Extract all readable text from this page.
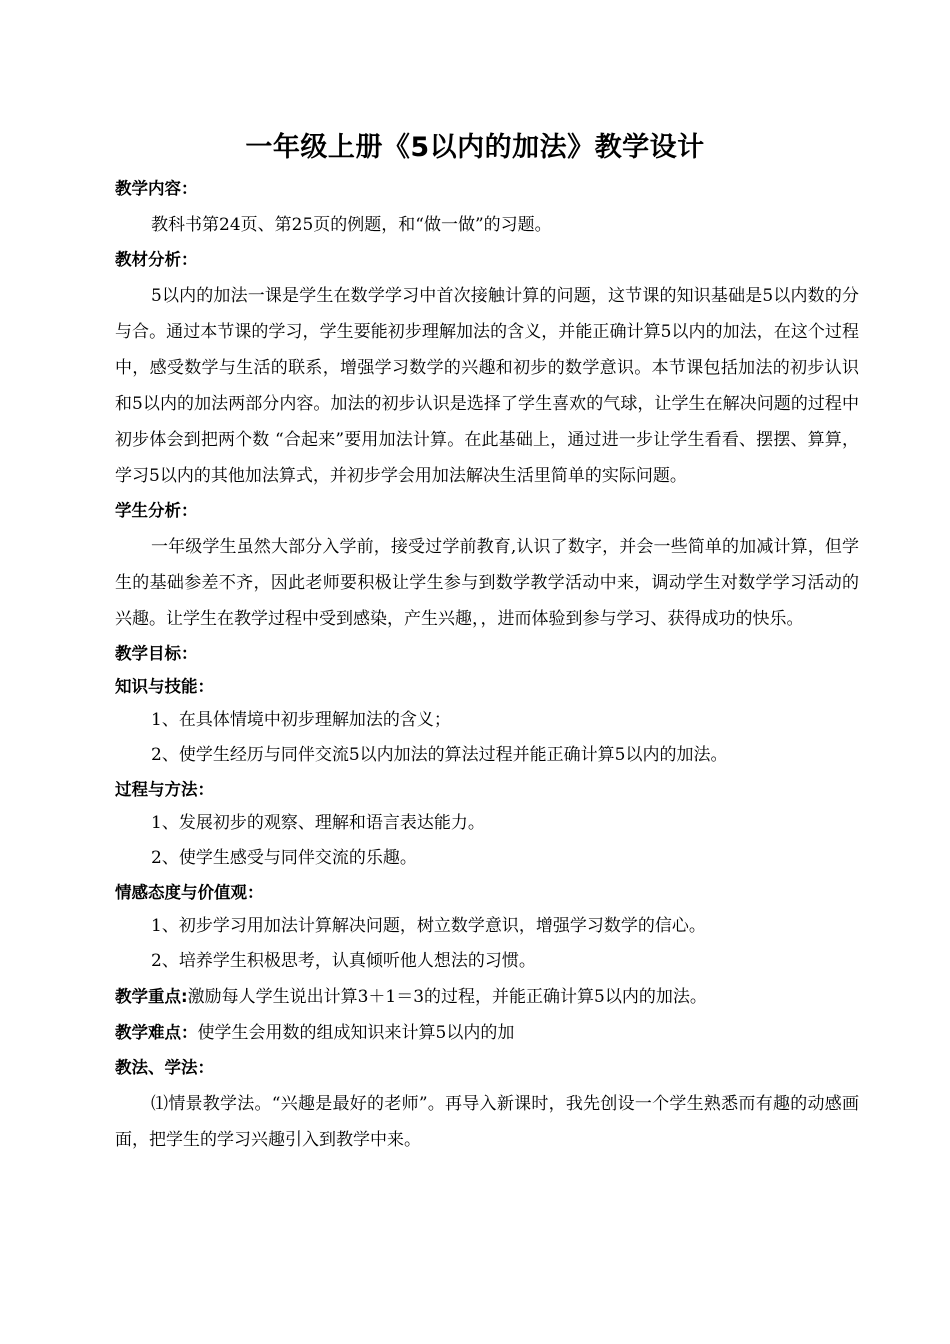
一年级上册《5以内的加法》教学设计
教学内容：
教科书第24页、第25页的例题，和“做一做”的习题。
教材分析：
5以内的加法一课是学生在数学学习中首次接触计算的问题，这节课的知识基础是5以内数的分与合。通过本节课的学习，学生要能初步理解加法的含义，并能正确计算5以内的加法，在这个过程中，感受数学与生活的联系，增强学习数学的兴趣和初步的数学意识。本节课包括加法的初步认识和5以内的加法两部分内容。加法的初步认识是选择了学生喜欢的气球，让学生在解决问题的过程中初步体会到把两个数 “合起来”要用加法计算。在此基础上，通过进一步让学生看看、摆摆、算算，学习5以内的其他加法算式，并初步学会用加法解决生活里简单的实际问题。
学生分析：
一年级学生虽然大部分入学前，接受过学前教育,认识了数字，并会一些简单的加减计算，但学生的基础参差不齐，因此老师要积极让学生参与到数学教学活动中来，调动学生对数学学习活动的兴趣。让学生在教学过程中受到感染，产生兴趣，，进而体验到参与学习、获得成功的快乐。
教学目标：
知识与技能：
1、在具体情境中初步理解加法的含义；
2、使学生经历与同伴交流5以内加法的算法过程并能正确计算5以内的加法。
过程与方法：
1、发展初步的观察、理解和语言表达能力。
2、使学生感受与同伴交流的乐趣。
情感态度与价值观：
1、初步学习用加法计算解决问题，树立数学意识，增强学习数学的信心。
2、培养学生积极思考，认真倾听他人想法的习惯。
教学重点:激励每人学生说出计算3＋1＝3的过程，并能正确计算5以内的加法。
教学难点：使学生会用数的组成知识来计算5以内的加
教法、学法：
⑴情景教学法。“兴趣是最好的老师”。再导入新课时，我先创设一个学生熟悉而有趣的动感画面，把学生的学习兴趣引入到教学中来。
